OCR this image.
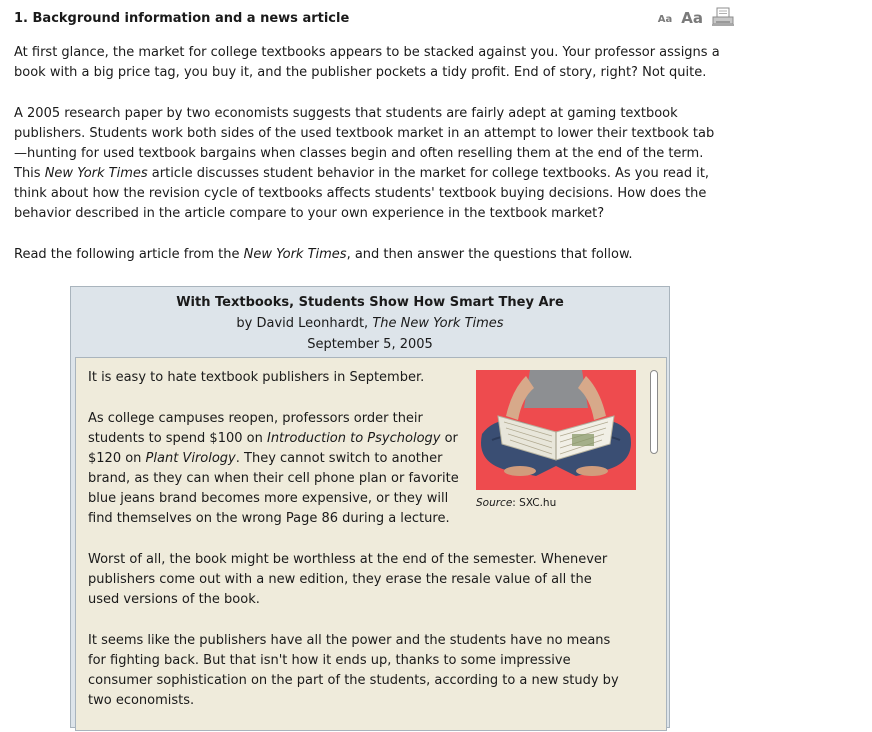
1. Background information and a news article	Aa Aa

At first glance, the market for college textbooks appears to be stacked against you. Your professor assigns a book with a big price tag, you buy it, and the publisher pockets a tidy profit. End of story, right? Not quite.

A 2005 research paper by two economists suggests that students are fairly adept at gaming textbook publishers. Students work both sides of the used textbook market in an attempt to lower their textbook tab—hunting for used textbook bargains when classes begin and often reselling them at the end of the term. This New York Times article discusses student behavior in the market for college textbooks. As you read it, think about how the revision cycle of textbooks affects students' textbook buying decisions. How does the behavior described in the article compare to your own experience in the textbook market?

Read the following article from the New York Times, and then answer the questions that follow.

With Textbooks, Students Show How Smart They Are
by David Leonhardt, The New York Times
September 5, 2005

It is easy to hate textbook publishers in September.

As college campuses reopen, professors order their students to spend $100 on Introduction to Psychology or $120 on Plant Virology. They cannot switch to another brand, as they can when their cell phone plan or favorite blue jeans brand becomes more expensive, or they will find themselves on the wrong Page 86 during a lecture.

Worst of all, the book might be worthless at the end of the semester. Whenever publishers come out with a new edition, they erase the resale value of all the used versions of the book.

It seems like the publishers have all the power and the students have no means for fighting back. But that isn't how it ends up, thanks to some impressive consumer sophistication on the part of the students, according to a new study by two economists.

Source: SXC.hu
